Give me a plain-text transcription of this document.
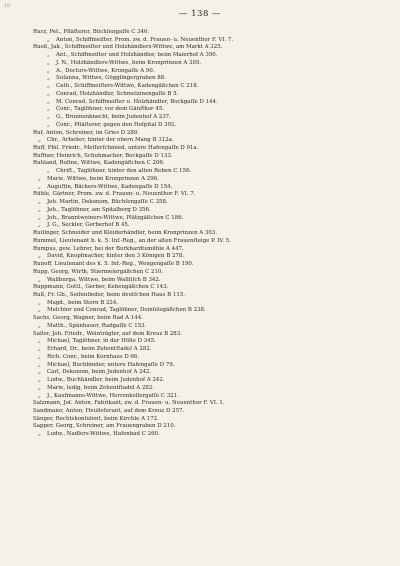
10
— 138 —
Rurz, Pet., Pfläſterer, Büchſengaſſe C 346.
„ Anton, Schiffmeiſter, Prom. zw. d. Frauen- u. Neuenthor F. VI. 7.
Rueß, Jak., Schiffmeiſter und Holzhändlers-Wittwe, am Markt A 325.
„ Ant., Schiffmeiſter und Holzhändler, beim Maierhof A 390.
„ J. N., Holzhändlers-Wittwe, beim Kronprinzen A 305.
„ A., Doctors-Wittwe, Krongaſſe A 90.
„ Suſanna, Wittwe, Gögglingergraben 88.
„ Cath., Schiffmeiſters-Wittwe, Kadengäßchen C 218.
„ Conrad, Holzhändler, Schmelzinengaſſe B 5.
„ M. Conrad, Schiffmeiſter u. Holzhändler, Bockgaſſe D 144.
„ Conr., Taglöhner, vor dem Gänſthor 45.
„ G., Brunnenknecht, beim Judenhof A 237.
„ Conr., Pfläſterer, gegen den Hoſpital D 392.
Ruf, Anton, Schreiner, im Gries D 289.
„ Chr., Arbeiter, hinter der obern Mang B 312a.
Ruff, Phil. Friedr., Meſſerſchmied, untere Hafengaſſe D 91a.
Ruffner, Heinrich, Schuhmacher, Bockgaſſe D 133.
Ruhland, Roſine, Wittwe, Kadengäßchen C 206.
„ Chriſt., Taglöhner, hinter den alten Reben C 156.
„ Marie, Wittwe, beim Kronprinzen A 296.
„ Auguſtin, Bäckers-Wittwe, Kadengaſſe D 154.
Rühle, Gärtner, Prom. zw. d. Frauen- u. Neuenthor F. VI. 7.
„ Joh. Martin, Dekonom, Büchſengaſſe C 358.
„ Joh., Taglöhner, am Spitalberg D 356.
„ Joh., Branntweiners-Wittwe, Plätzgäßchen C 186.
„ J. G., Seckler, Gerberhof B 45.
Ruiſinger, Schneider und Kleiderhändler, beim Kronprinzen A 303.
Rummel, Lieutenant b. k. 5. Inf.-Reg., an der alten Frauenſteige P. IV. 5.
Rumpus, gew. Lehrer, bei der Burkhardtsmühle A 447.
„ David, Knopfmacher, hinter den 3 Königen B 278.
Runoff, Lieutenant des k. 5. Inf.-Reg., Wengengaſſe B 190.
Rupp, Georg, Wirth, Stiermeiergäßchen C 210.
„ Wallburga, Wittwe, beim Wallſiſch B 342.
Ruppmann, Gottl., Gerber, Kebengäßchen C 143.
Ruß, Fr. Gb., Seifenſieder, beim deutſchen Haus B 115.
„ Magd., beim Stern B 224.
„ Melchior und Conrad, Taglöhner, Deinſelsgäßchen B 238.
Sachs, Georg, Wagner, beim Rad A 144.
„ Matth., Spänhauer, Radgaſſe C 153.
Sailer, Joh. Friedr., Weinträgler, auf dem Kreuz B 283.
„ Michael, Taglöhner, in der Hölle D 345.
„ Erhard, Dr., beim Zehentſtadel A 282.
„ Rich. Conr., beim Kornhaus D 66.
„ Michael, Buchbinder, untere Hafengaſſe D 79.
„ Carl, Dekonom, beim Judenhof A 242.
„ Ludw., Buchhändler, beim Judenhof A 242.
„ Marie, ledig, beim Zehentſtadel A 282.
„ J., Kaufmanns-Wittwe, Herrenkellergaſſe C 321.
Salzmann, Joſ. Anton, Fabrikant, zw. d. Frauen- u. Neuenthor F. VI. 1.
Sandmaier, Anton, Heulieferant, auf dem Kreuz D 257.
Sänger, Rechtskonſulent, beim Kirchle A 172.
Sapper, Georg, Schreiner, am Frauengraben D 210.
„ Ludw., Nadlers-Wittwe, Hafenbad C 260.
